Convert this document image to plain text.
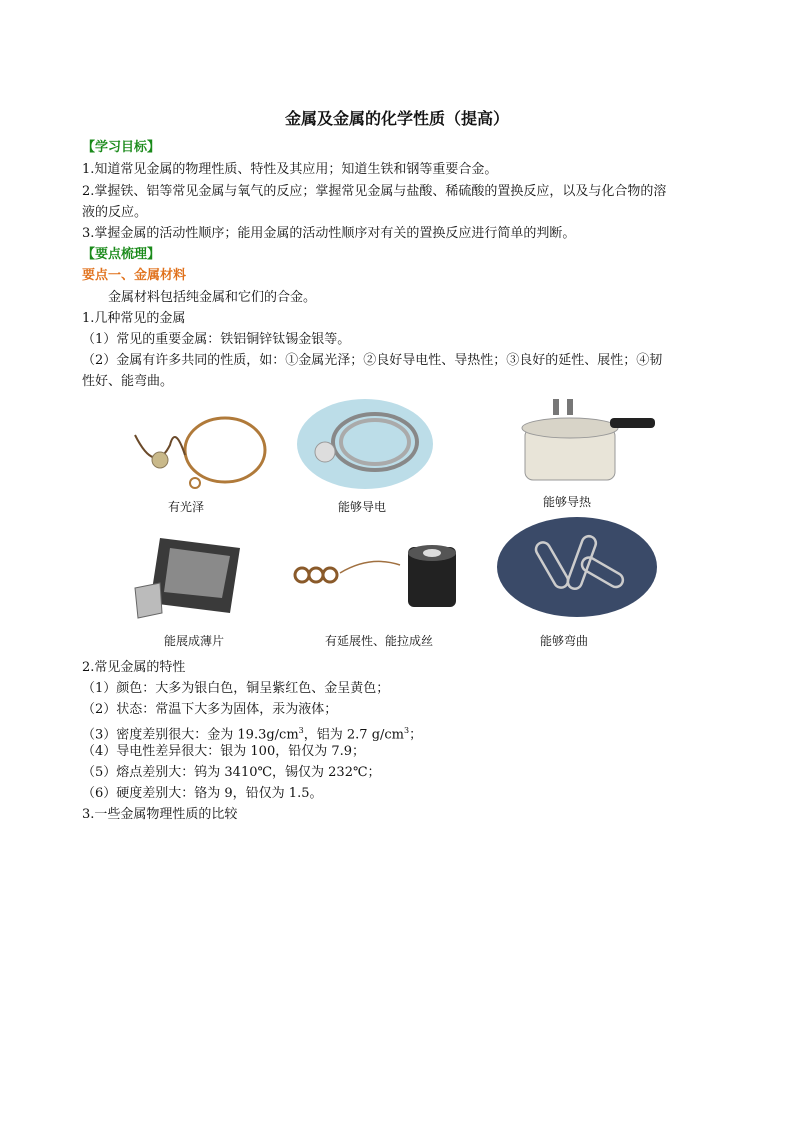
金属及金属的化学性质（提高）
【学习目标】
1.知道常见金属的物理性质、特性及其应用；知道生铁和钢等重要合金。
2.掌握铁、铝等常见金属与氧气的反应；掌握常见金属与盐酸、稀硫酸的置换反应，以及与化合物的溶
液的反应。
3.掌握金属的活动性顺序；能用金属的活动性顺序对有关的置换反应进行简单的判断。
【要点梳理】
要点一、金属材料
金属材料包括纯金属和它们的合金。
1.几种常见的金属
（1）常见的重要金属：铁铝铜锌钛锡金银等。
（2）金属有许多共同的性质，如：①金属光泽；②良好导电性、导热性；③良好的延性、展性；④韧
性好、能弯曲。
有光泽	能够导电	能够导热
能展成薄片	有延展性、能拉成丝	能够弯曲
2.常见金属的特性
（1）颜色：大多为银白色，铜呈紫红色、金呈黄色；
（2）状态：常温下大多为固体，汞为液体；
（3）密度差别很大：金为 $19.3g/cm^3$，铝为 2.7 $g/cm^3$；
（4）导电性差异很大：银为 100，铅仅为 7.9；
（5）熔点差别大：钨为 3410℃，锡仅为 232℃；
（6）硬度差别大：铬为 9，铅仅为 1.5。
3.一些金属物理性质的比较
